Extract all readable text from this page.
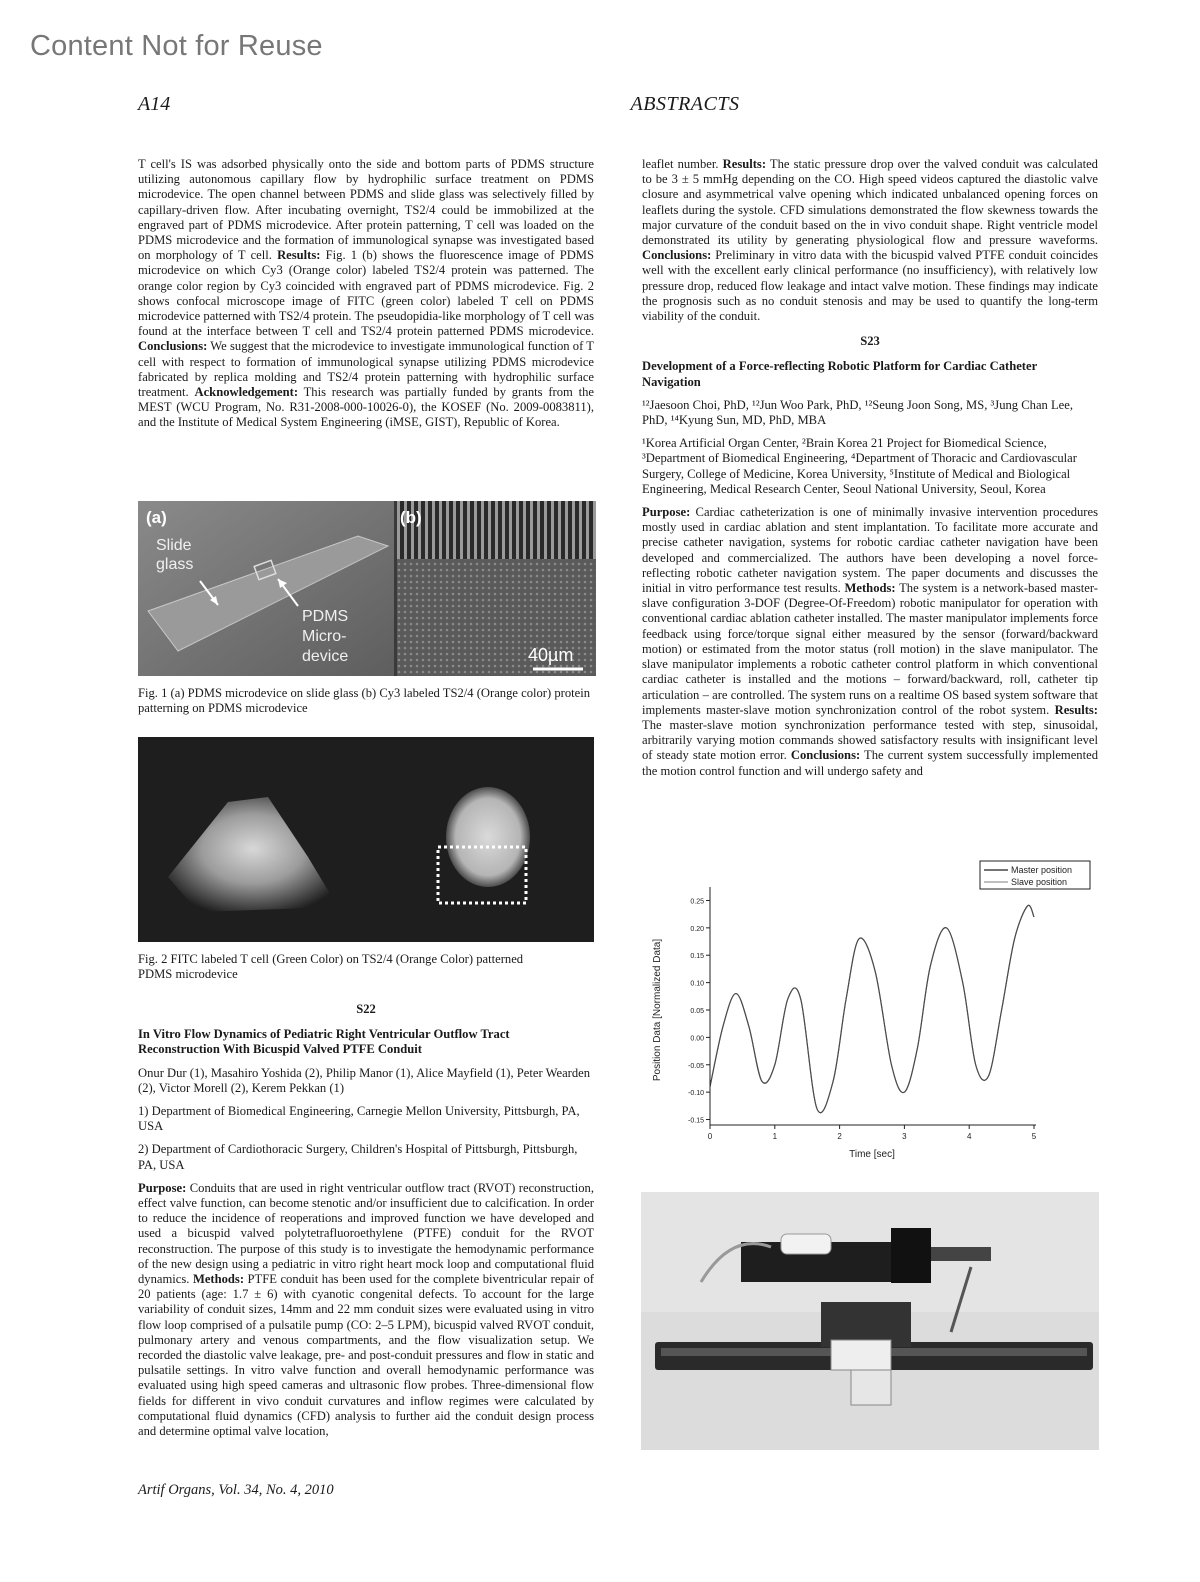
Content Not for Reuse
A14	ABSTRACTS

T cell's IS was adsorbed physically onto the side and bottom parts of PDMS structure utilizing autonomous capillary flow by hydrophilic surface treatment on PDMS microdevice. The open channel between PDMS and slide glass was selectively filled by capillary-driven flow. After incubating overnight, TS2/4 could be immobilized at the engraved part of PDMS microdevice. After protein patterning, T cell was loaded on the PDMS microdevice and the formation of immunological synapse was investigated based on morphology of T cell. Results: Fig. 1 (b) shows the fluorescence image of PDMS microdevice on which Cy3 (Orange color) labeled TS2/4 protein was patterned. The orange color region by Cy3 coincided with engraved part of PDMS microdevice. Fig. 2 shows confocal microscope image of FITC (green color) labeled T cell on PDMS microdevice patterned with TS2/4 protein. The pseudopidia-like morphology of T cell was found at the interface between T cell and TS2/4 protein patterned PDMS microdevice. Conclusions: We suggest that the microdevice to investigate immunological function of T cell with respect to formation of immunological synapse utilizing PDMS microdevice fabricated by replica molding and TS2/4 protein patterning with hydrophilic surface treatment. Acknowledgement: This research was partially funded by grants from the MEST (WCU Program, No. R31-2008-000-10026-0), the KOSEF (No. 2009-0083811), and the Institute of Medical System Engineering (iMSE, GIST), Republic of Korea.

(a)	(b)
Slide
glass
PDMS
Micro-
device	40µm
Fig. 1 (a) PDMS microdevice on slide glass (b) Cy3 labeled TS2/4 (Orange color) protein patterning on PDMS microdevice
Fig. 2 FITC labeled T cell (Green Color) on TS2/4 (Orange Color) patterned PDMS microdevice
S22

In Vitro Flow Dynamics of Pediatric Right Ventricular Outflow Tract Reconstruction With Bicuspid Valved PTFE Conduit

Onur Dur (1), Masahiro Yoshida (2), Philip Manor (1), Alice Mayfield (1), Peter Wearden (2), Victor Morell (2), Kerem Pekkan (1)

1) Department of Biomedical Engineering, Carnegie Mellon University, Pittsburgh, PA, USA

2) Department of Cardiothoracic Surgery, Children's Hospital of Pittsburgh, Pittsburgh, PA, USA

Purpose: Conduits that are used in right ventricular outflow tract (RVOT) reconstruction, effect valve function, can become stenotic and/or insufficient due to calcification. In order to reduce the incidence of reoperations and improved function we have developed and used a bicuspid valved polytetrafluoroethylene (PTFE) conduit for the RVOT reconstruction. The purpose of this study is to investigate the hemodynamic performance of the new design using a pediatric in vitro right heart mock loop and computational fluid dynamics. Methods: PTFE conduit has been used for the complete biventricular repair of 20 patients (age: 1.7 ± 6) with cyanotic congenital defects. To account for the large variability of conduit sizes, 14mm and 22 mm conduit sizes were evaluated using in vitro flow loop comprised of a pulsatile pump (CO: 2–5 LPM), bicuspid valved RVOT conduit, pulmonary artery and venous compartments, and the flow visualization setup. We recorded the diastolic valve leakage, pre- and post-conduit pressures and flow in static and pulsatile settings. In vitro valve function and overall hemodynamic performance was evaluated using high speed cameras and ultrasonic flow probes. Three-dimensional flow fields for different in vivo conduit curvatures and inflow regimes were calculated by computational fluid dynamics (CFD) analysis to further aid the conduit design process and determine optimal valve location,

leaflet number. Results: The static pressure drop over the valved conduit was calculated to be 3 ± 5 mmHg depending on the CO. High speed videos captured the diastolic valve closure and asymmetrical valve opening which indicated unbalanced opening forces on leaflets during the systole. CFD simulations demonstrated the flow skewness towards the major curvature of the conduit based on the in vivo conduit shape. Right ventricle model demonstrated its utility by generating physiological flow and pressure waveforms. Conclusions: Preliminary in vitro data with the bicuspid valved PTFE conduit coincides well with the excellent early clinical performance (no insufficiency), with relatively low pressure drop, reduced flow leakage and intact valve motion. These findings may indicate the prognosis such as no conduit stenosis and may be used to quantify the long-term viability of the conduit.

S23

Development of a Force-reflecting Robotic Platform for Cardiac Catheter Navigation

¹²Jaesoon Choi, PhD, ¹²Jun Woo Park, PhD, ¹²Seung Joon Song, MS, ³Jung Chan Lee, PhD, ¹⁴Kyung Sun, MD, PhD, MBA

¹Korea Artificial Organ Center, ²Brain Korea 21 Project for Biomedical Science, ³Department of Biomedical Engineering, ⁴Department of Thoracic and Cardiovascular Surgery, College of Medicine, Korea University, ⁵Institute of Medical and Biological Engineering, Medical Research Center, Seoul National University, Seoul, Korea

Purpose: Cardiac catheterization is one of minimally invasive intervention procedures mostly used in cardiac ablation and stent implantation. To facilitate more accurate and precise catheter navigation, systems for robotic cardiac catheter navigation have been developed and commercialized. The authors have been developing a novel force-reflecting robotic catheter navigation system. The paper documents and discusses the initial in vitro performance test results. Methods: The system is a network-based master-slave configuration 3-DOF (Degree-Of-Freedom) robotic manipulator for operation with conventional cardiac ablation catheter installed. The master manipulator implements force feedback using force/torque signal either measured by the sensor (forward/backward motion) or estimated from the motor status (roll motion) in the slave manipulator. The slave manipulator implements a robotic catheter control platform in which conventional cardiac catheter is installed and the motions – forward/backward, roll, catheter tip articulation – are controlled. The system runs on a realtime OS based system software that implements master-slave motion synchronization control of the robot system. Results: The master-slave motion synchronization performance tested with step, sinusoidal, arbitrarily varying motion commands showed satisfactory results with insignificant level of steady state motion error. Conclusions: The current system successfully implemented the motion control function and will undergo safety and

0	1	2	3	4	5
-0.15
-0.10
-0.05
0.00
0.05
0.10
0.15
0.20
0.25
Time [sec]
Position Data [Normalized Data]
Master position
Slave position
Artif Organs, Vol. 34, No. 4, 2010
